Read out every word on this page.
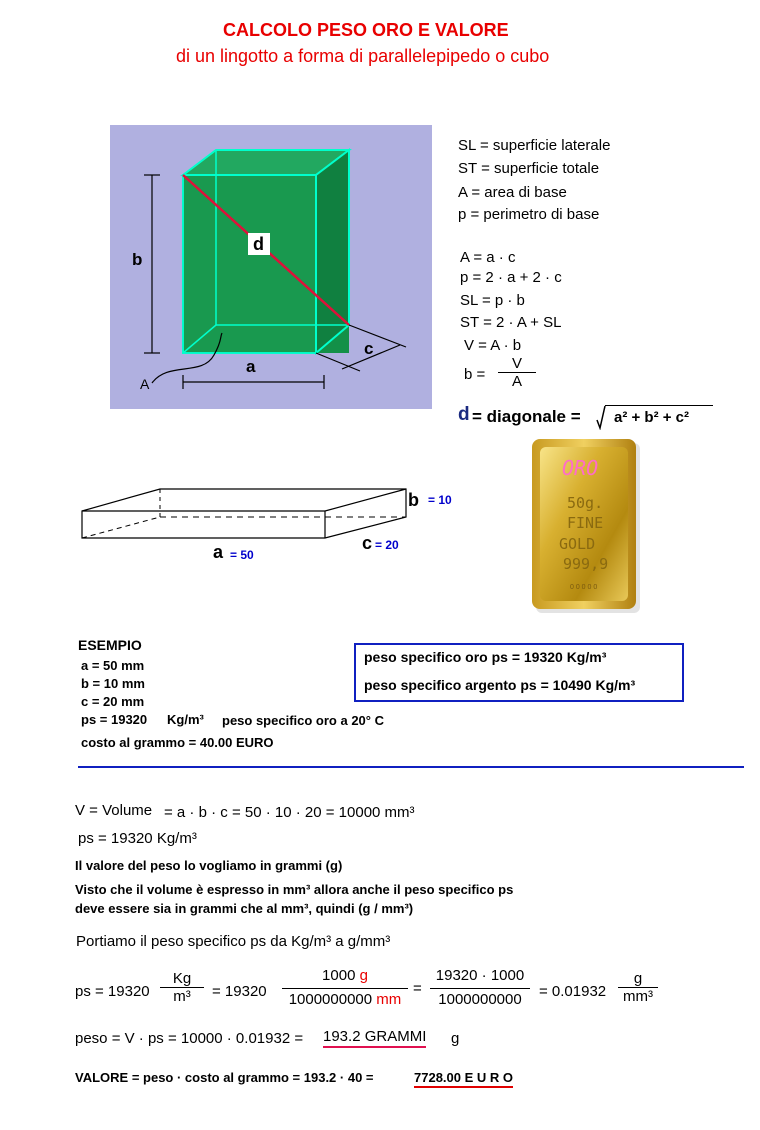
CALCOLO PESO ORO E VALORE
di un lingotto a forma di parallelepipedo o cubo
b
d
c
a
A
SL = superficie laterale
ST = superficie totale
A = area di base
p = perimetro di base
A = a · c
p = 2 · a + 2 · c
SL = p · b
ST = 2 · A + SL
V = A · b
b =
V
A
d = diagonale = a² + b² + c²
b = 10
c = 20
a = 50
ORO
50g.
FINE
GOLD
999,9
0 0 0 0 0
ESEMPIO
a = 50 mm
b = 10 mm
c = 20 mm
ps = 19320 Kg/m³ peso specifico oro a 20° C
costo al grammo = 40.00 EURO
peso specifico oro ps = 19320 Kg/m³
peso specifico argento ps = 10490 Kg/m³
V = Volume = a · b · c = 50 · 10 · 20 = 10000 mm³
ps = 19320 Kg/m³
Il valore del peso lo vogliamo in grammi (g)
Visto che il volume è espresso in mm³ allora anche il peso specifico ps
deve essere sia in grammi che al mm³, quindi (g / mm³)
Portiamo il peso specifico ps da Kg/m³ a g/mm³
ps = 19320
Kg
m³	= 19320
1000 g
1000000000 mm
=
19320 · 1000
1000000000	= 0.01932
g
mm³
peso = V · ps = 10000 · 0.01932 = 193.2 GRAMMI g
VALORE = peso · costo al grammo = 193.2 · 40 =	7728.00 E U R O
